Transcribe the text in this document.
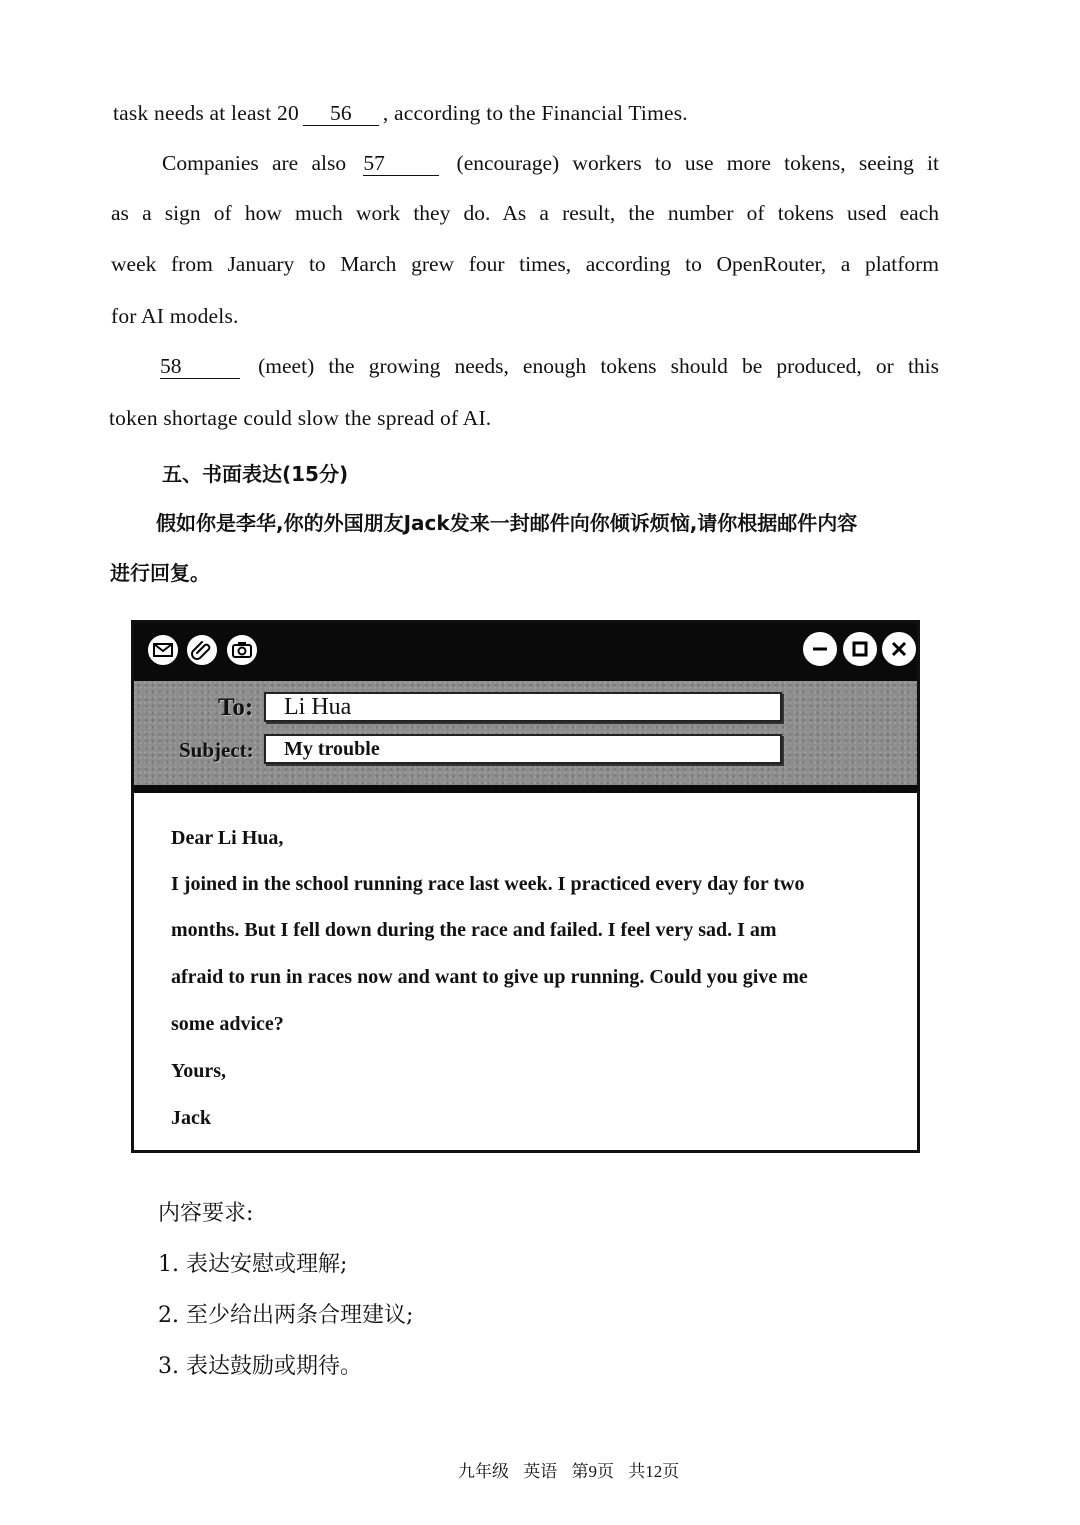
task needs at least 20 56 , according to the Financial Times.
Companies are also 57	(encourage) workers to use more tokens, seeing it
as a sign of how much work they do. As a result, the number of tokens used each
week from January to March grew four times, according to OpenRouter, a platform
for AI models.
58	(meet) the growing needs, enough tokens should be produced, or this
token shortage could slow the spread of AI.
五、书面表达(15分)
假如你是李华,你的外国朋友Jack发来一封邮件向你倾诉烦恼,请你根据邮件内容
进行回复。
To:	Li Hua
Subject:	My trouble
Dear Li Hua,
I joined in the school running race last week. I practiced every day for two
months. But I fell down during the race and failed. I feel very sad. I am
afraid to run in races now and want to give up running. Could you give me
some advice?
Yours,
Jack
内容要求:
1. 表达安慰或理解;
2. 至少给出两条合理建议;
3. 表达鼓励或期待。
九年级 英语 第9页 共12页
